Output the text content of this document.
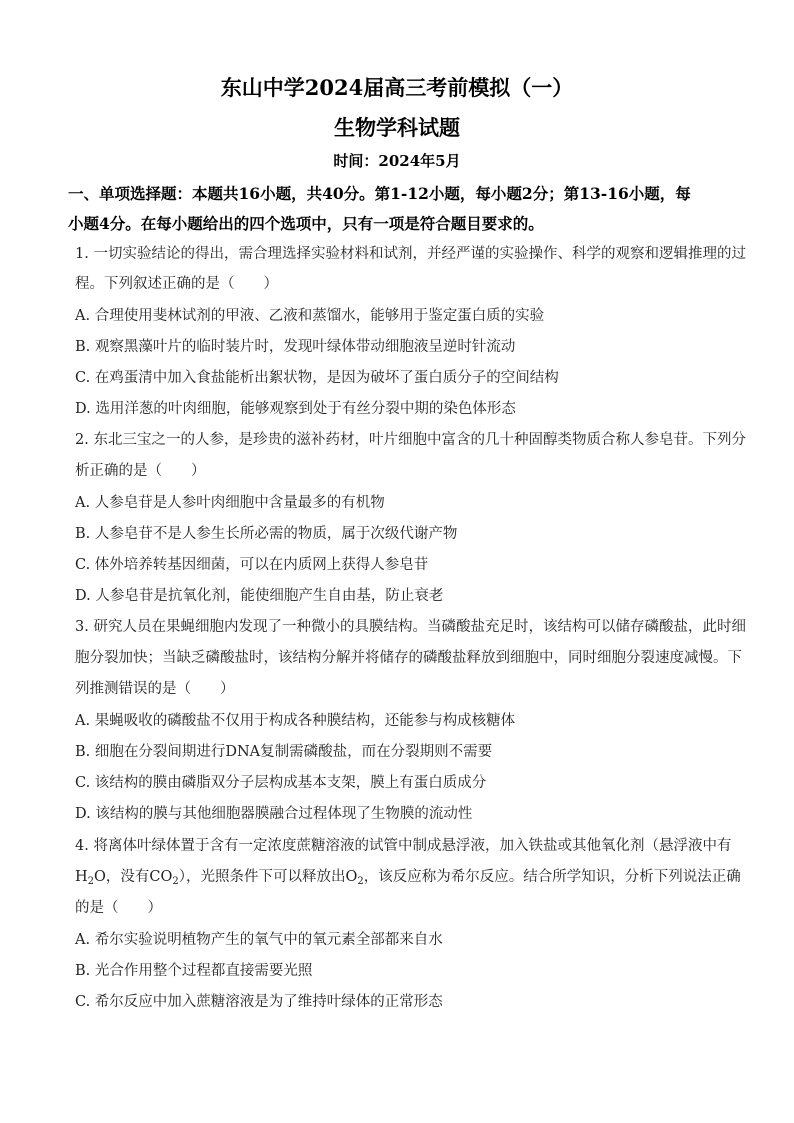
东山中学2024届高三考前模拟（一）
生物学科试题
时间：2024年5月
一、单项选择题：本题共16小题，共40分。第1-12小题，每小题2分；第13-16小题，每
小题4分。在每小题给出的四个选项中，只有一项是符合题目要求的。
1. 一切实验结论的得出，需合理选择实验材料和试剂，并经严谨的实验操作、科学的观察和逻辑推理的过
程。下列叙述正确的是（　　）
A. 合理使用斐林试剂的甲液、乙液和蒸馏水，能够用于鉴定蛋白质的实验
B. 观察黑藻叶片的临时装片时，发现叶绿体带动细胞液呈逆时针流动
C. 在鸡蛋清中加入食盐能析出絮状物，是因为破坏了蛋白质分子的空间结构
D. 选用洋葱的叶肉细胞，能够观察到处于有丝分裂中期的染色体形态
2. 东北三宝之一的人参，是珍贵的滋补药材，叶片细胞中富含的几十种固醇类物质合称人参皂苷。下列分
析正确的是（　　）
A. 人参皂苷是人参叶肉细胞中含量最多的有机物
B. 人参皂苷不是人参生长所必需的物质，属于次级代谢产物
C. 体外培养转基因细菌，可以在内质网上获得人参皂苷
D. 人参皂苷是抗氧化剂，能使细胞产生自由基，防止衰老
3. 研究人员在果蝇细胞内发现了一种微小的具膜结构。当磷酸盐充足时，该结构可以储存磷酸盐，此时细
胞分裂加快；当缺乏磷酸盐时，该结构分解并将储存的磷酸盐释放到细胞中，同时细胞分裂速度减慢。下
列推测错误的是（　　）
A. 果蝇吸收的磷酸盐不仅用于构成各种膜结构，还能参与构成核糖体
B. 细胞在分裂间期进行DNA复制需磷酸盐，而在分裂期则不需要
C. 该结构的膜由磷脂双分子层构成基本支架，膜上有蛋白质成分
D. 该结构的膜与其他细胞器膜融合过程体现了生物膜的流动性
4. 将离体叶绿体置于含有一定浓度蔗糖溶液的试管中制成悬浮液，加入铁盐或其他氧化剂（悬浮液中有
$H_2O$，没有$CO_2$），光照条件下可以释放出$O_2$，该反应称为希尔反应。结合所学知识，分析下列说法正确
的是（　　）
A. 希尔实验说明植物产生的氧气中的氧元素全部都来自水
B. 光合作用整个过程都直接需要光照
C. 希尔反应中加入蔗糖溶液是为了维持叶绿体的正常形态
